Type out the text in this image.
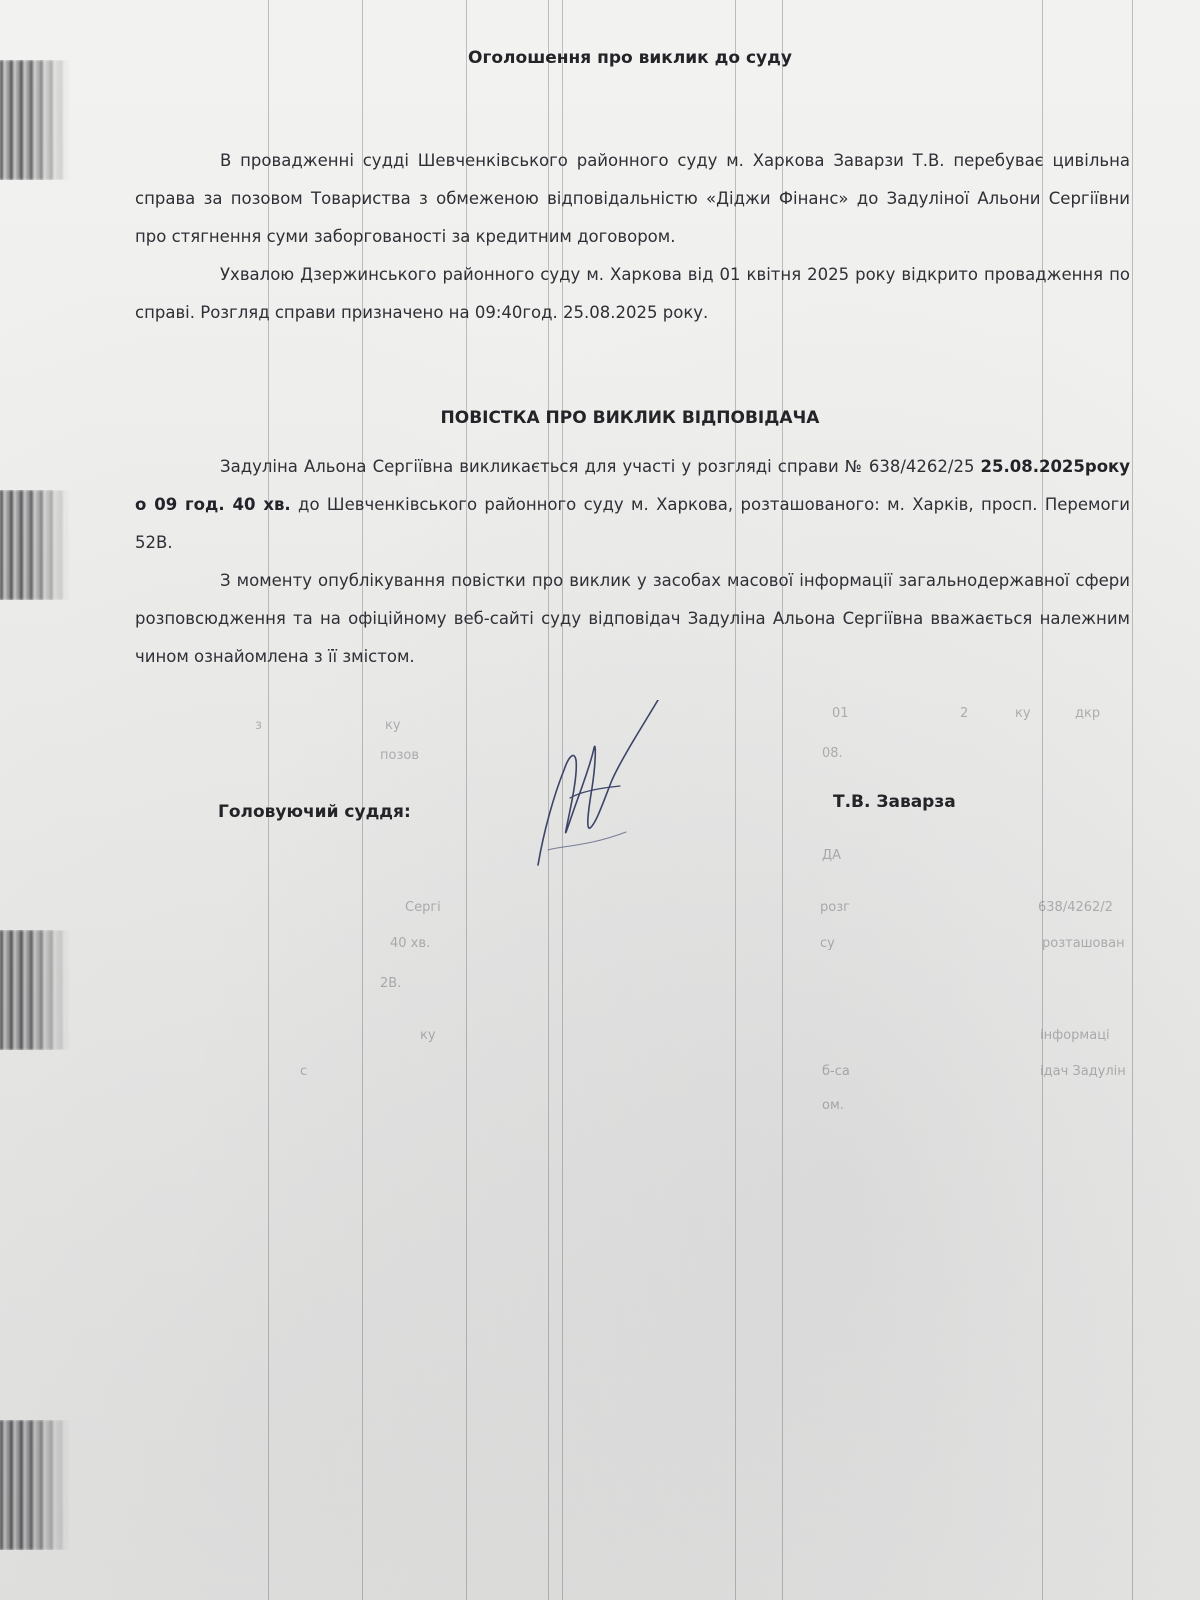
з	ку
01	2	ку	дкр
позов	08.
ДА
Сергі	розг	638/4262/2
40 хв.	су	розташован
2В.
ку	інформаці
с	б-са	ідач Задулін
ом.
Оголошення про виклик до суду

В провадженні судді Шевченківського районного суду м. Харкова Заварзи Т.В. перебуває цивільна справа за позовом Товариства з обмеженою відповідальністю «Діджи Фінанс» до Задуліної Альони Сергіївни про стягнення суми заборгованості за кредитним договором.

Ухвалою Дзержинського районного суду м. Харкова від 01 квітня 2025 року відкрито провадження по справі. Розгляд справи призначено на 09:40год. 25.08.2025 року.

ПОВІСТКА ПРО ВИКЛИК ВІДПОВІДАЧА

Задуліна Альона Сергіївна викликається для участі у розгляді справи № 638/4262/25 25.08.2025року о 09 год. 40 хв. до Шевченківського районного суду м. Харкова, розташованого: м. Харків, просп. Перемоги 52В.

З моменту опублікування повістки про виклик у засобах масової інформації загальнодержавної сфери розповсюдження та на офіційному веб-сайті суду відповідач Задуліна Альона Сергіївна вважається належним чином ознайомлена з її змістом.

Головуючий суддя:	Т.В. Заварза
